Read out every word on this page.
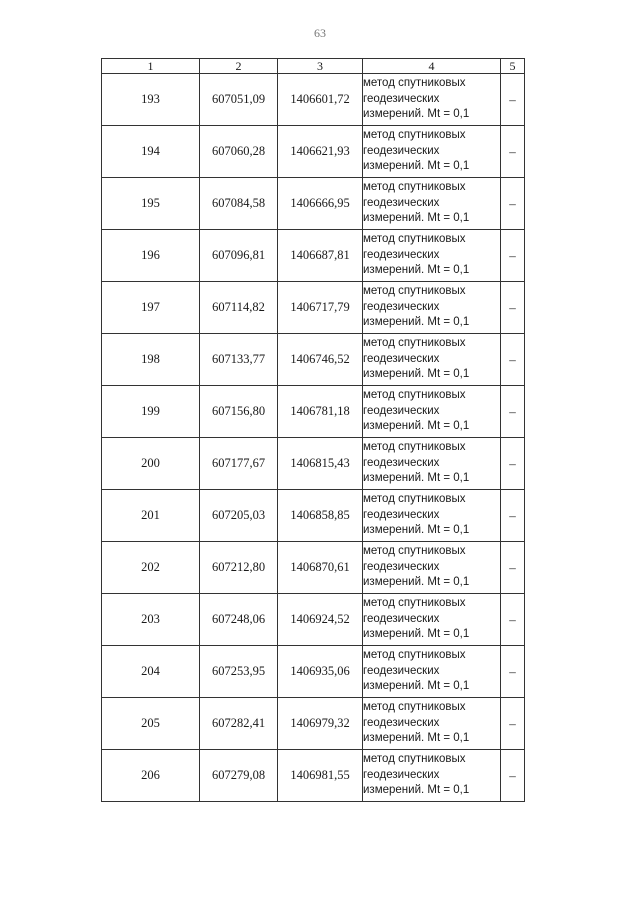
63
1	2	3	4	5
193	607051,09	1406601,72	метод спутниковых
геодезических
измерений. Mt = 0,1	–
194	607060,28	1406621,93	метод спутниковых
геодезических
измерений. Mt = 0,1	–
195	607084,58	1406666,95	метод спутниковых
геодезических
измерений. Mt = 0,1	–
196	607096,81	1406687,81	метод спутниковых
геодезических
измерений. Mt = 0,1	–
197	607114,82	1406717,79	метод спутниковых
геодезических
измерений. Mt = 0,1	–
198	607133,77	1406746,52	метод спутниковых
геодезических
измерений. Mt = 0,1	–
199	607156,80	1406781,18	метод спутниковых
геодезических
измерений. Mt = 0,1	–
200	607177,67	1406815,43	метод спутниковых
геодезических
измерений. Mt = 0,1	–
201	607205,03	1406858,85	метод спутниковых
геодезических
измерений. Mt = 0,1	–
202	607212,80	1406870,61	метод спутниковых
геодезических
измерений. Mt = 0,1	–
203	607248,06	1406924,52	метод спутниковых
геодезических
измерений. Mt = 0,1	–
204	607253,95	1406935,06	метод спутниковых
геодезических
измерений. Mt = 0,1	–
205	607282,41	1406979,32	метод спутниковых
геодезических
измерений. Mt = 0,1	–
206	607279,08	1406981,55	метод спутниковых
геодезических
измерений. Mt = 0,1	–
